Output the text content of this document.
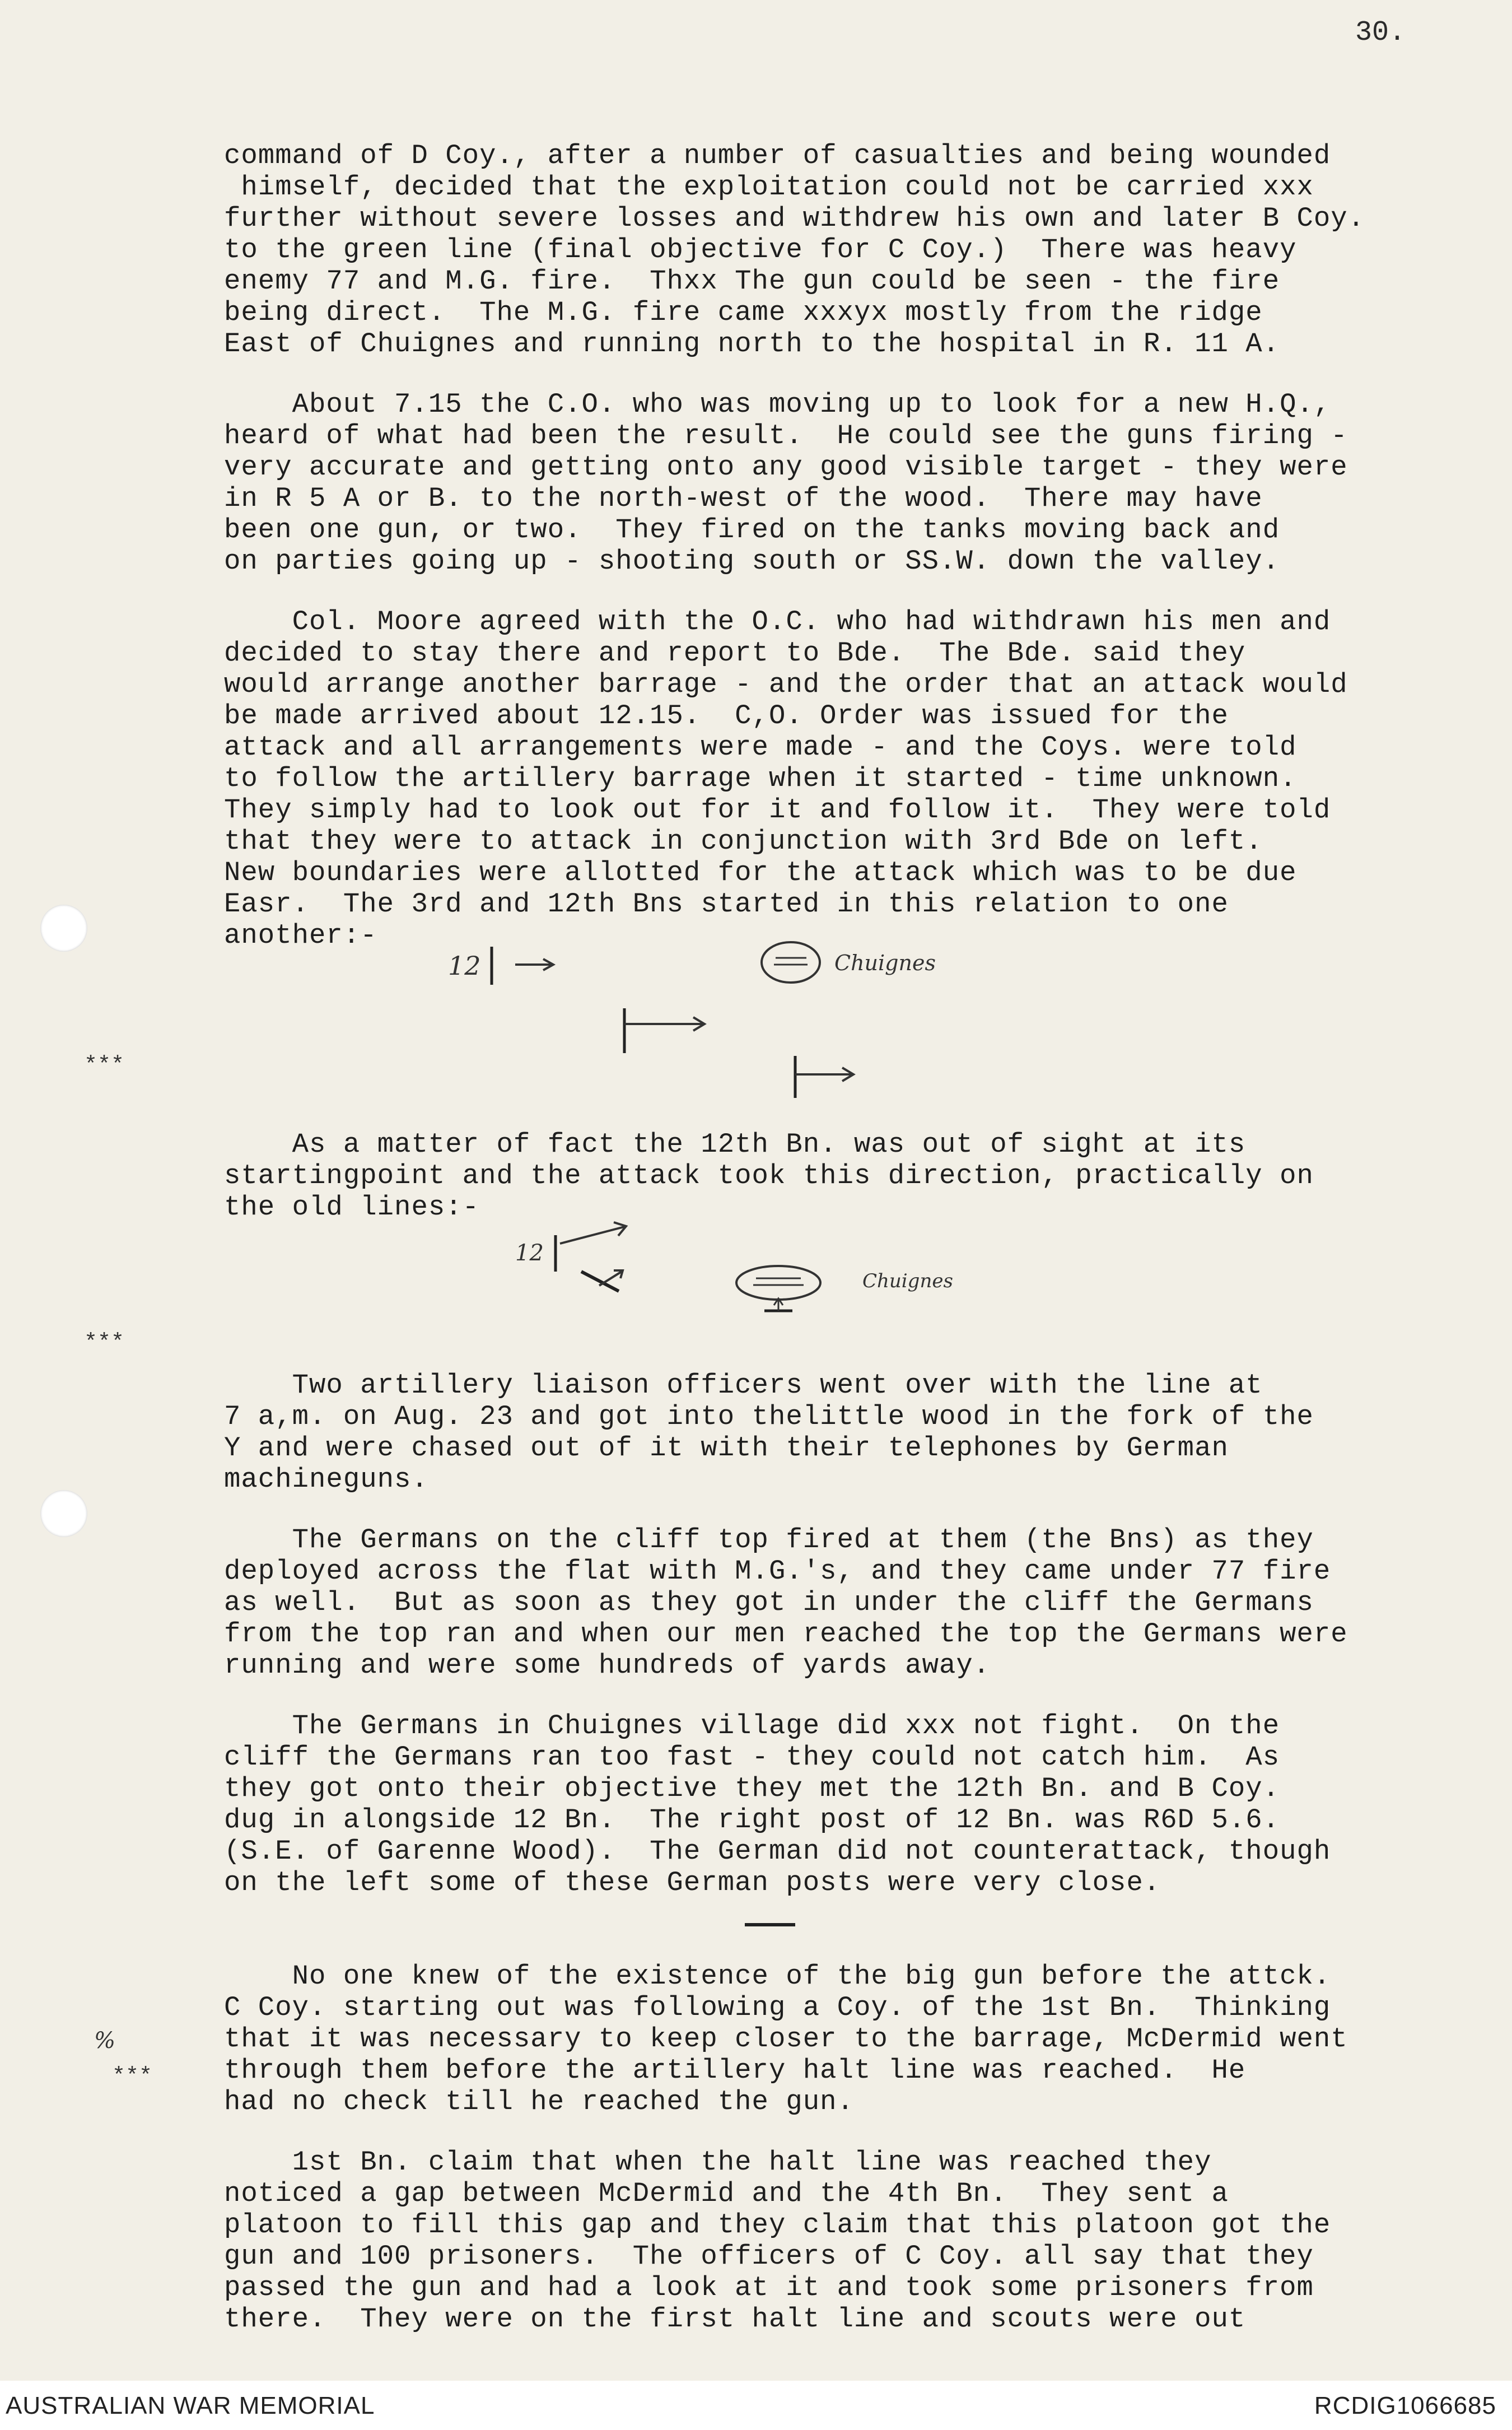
30.
***
***
%
***

command of D Coy., after a number of casualties and being wounded
himself, decided that the exploitation could not be carried xxx
further without severe losses and withdrew his own and later B Coy.
to the green line (final objective for C Coy.)  There was heavy
enemy 77 and M.G. fire.  Thxx The gun could be seen - the fire
being direct.  The M.G. fire came xxxyx mostly from the ridge
East of Chuignes and running north to the hospital in R. 11 A.

About 7.15 the C.O. who was moving up to look for a new H.Q.,
heard of what had been the result.  He could see the guns firing -
very accurate and getting onto any good visible target - they were
in R 5 A or B. to the north-west of the wood.  There may have
been one gun, or two.  They fired on the tanks moving back and
on parties going up - shooting south or SS.W. down the valley.

Col. Moore agreed with the O.C. who had withdrawn his men and
decided to stay there and report to Bde.  The Bde. said they
would arrange another barrage - and the order that an attack would
be made arrived about 12.15.  C,O. Order was issued for the
attack and all arrangements were made - and the Coys. were told
to follow the artillery barrage when it started - time unknown.
They simply had to look out for it and follow it.  They were told
that they were to attack in conjunction with 3rd Bde on left.
New boundaries were allotted for the attack which was to be due
Easr.  The 3rd and 12th Bns started in this relation to one
another:-

12	Chuignes

As a matter of fact the 12th Bn. was out of sight at its
startingpoint and the attack took this direction, practically on
the old lines:-

12
Chuignes

Two artillery liaison officers went over with the line at
7 a,m. on Aug. 23 and got into thelittle wood in the fork of the
Y and were chased out of it with their telephones by German
machineguns.

The Germans on the cliff top fired at them (the Bns) as they
deployed across the flat with M.G.'s, and they came under 77 fire
as well.  But as soon as they got in under the cliff the Germans
from the top ran and when our men reached the top the Germans were
running and were some hundreds of yards away.

The Germans in Chuignes village did xxx not fight.  On the
cliff the Germans ran too fast - they could not catch him.  As
they got onto their objective they met the 12th Bn. and B Coy.
dug in alongside 12 Bn.  The right post of 12 Bn. was R6D 5.6.
(S.E. of Garenne Wood).  The German did not counterattack, though
on the left some of these German posts were very close.

No one knew of the existence of the big gun before the attck.
C Coy. starting out was following a Coy. of the 1st Bn.  Thinking
that it was necessary to keep closer to the barrage, McDermid went
through them before the artillery halt line was reached.  He
had no check till he reached the gun.

1st Bn. claim that when the halt line was reached they
noticed a gap between McDermid and the 4th Bn.  They sent a
platoon to fill this gap and they claim that this platoon got the
gun and 100 prisoners.  The officers of C Coy. all say that they
passed the gun and had a look at it and took some prisoners from
there.  They were on the first halt line and scouts were out

AUSTRALIAN WAR MEMORIAL	RCDIG1066685
